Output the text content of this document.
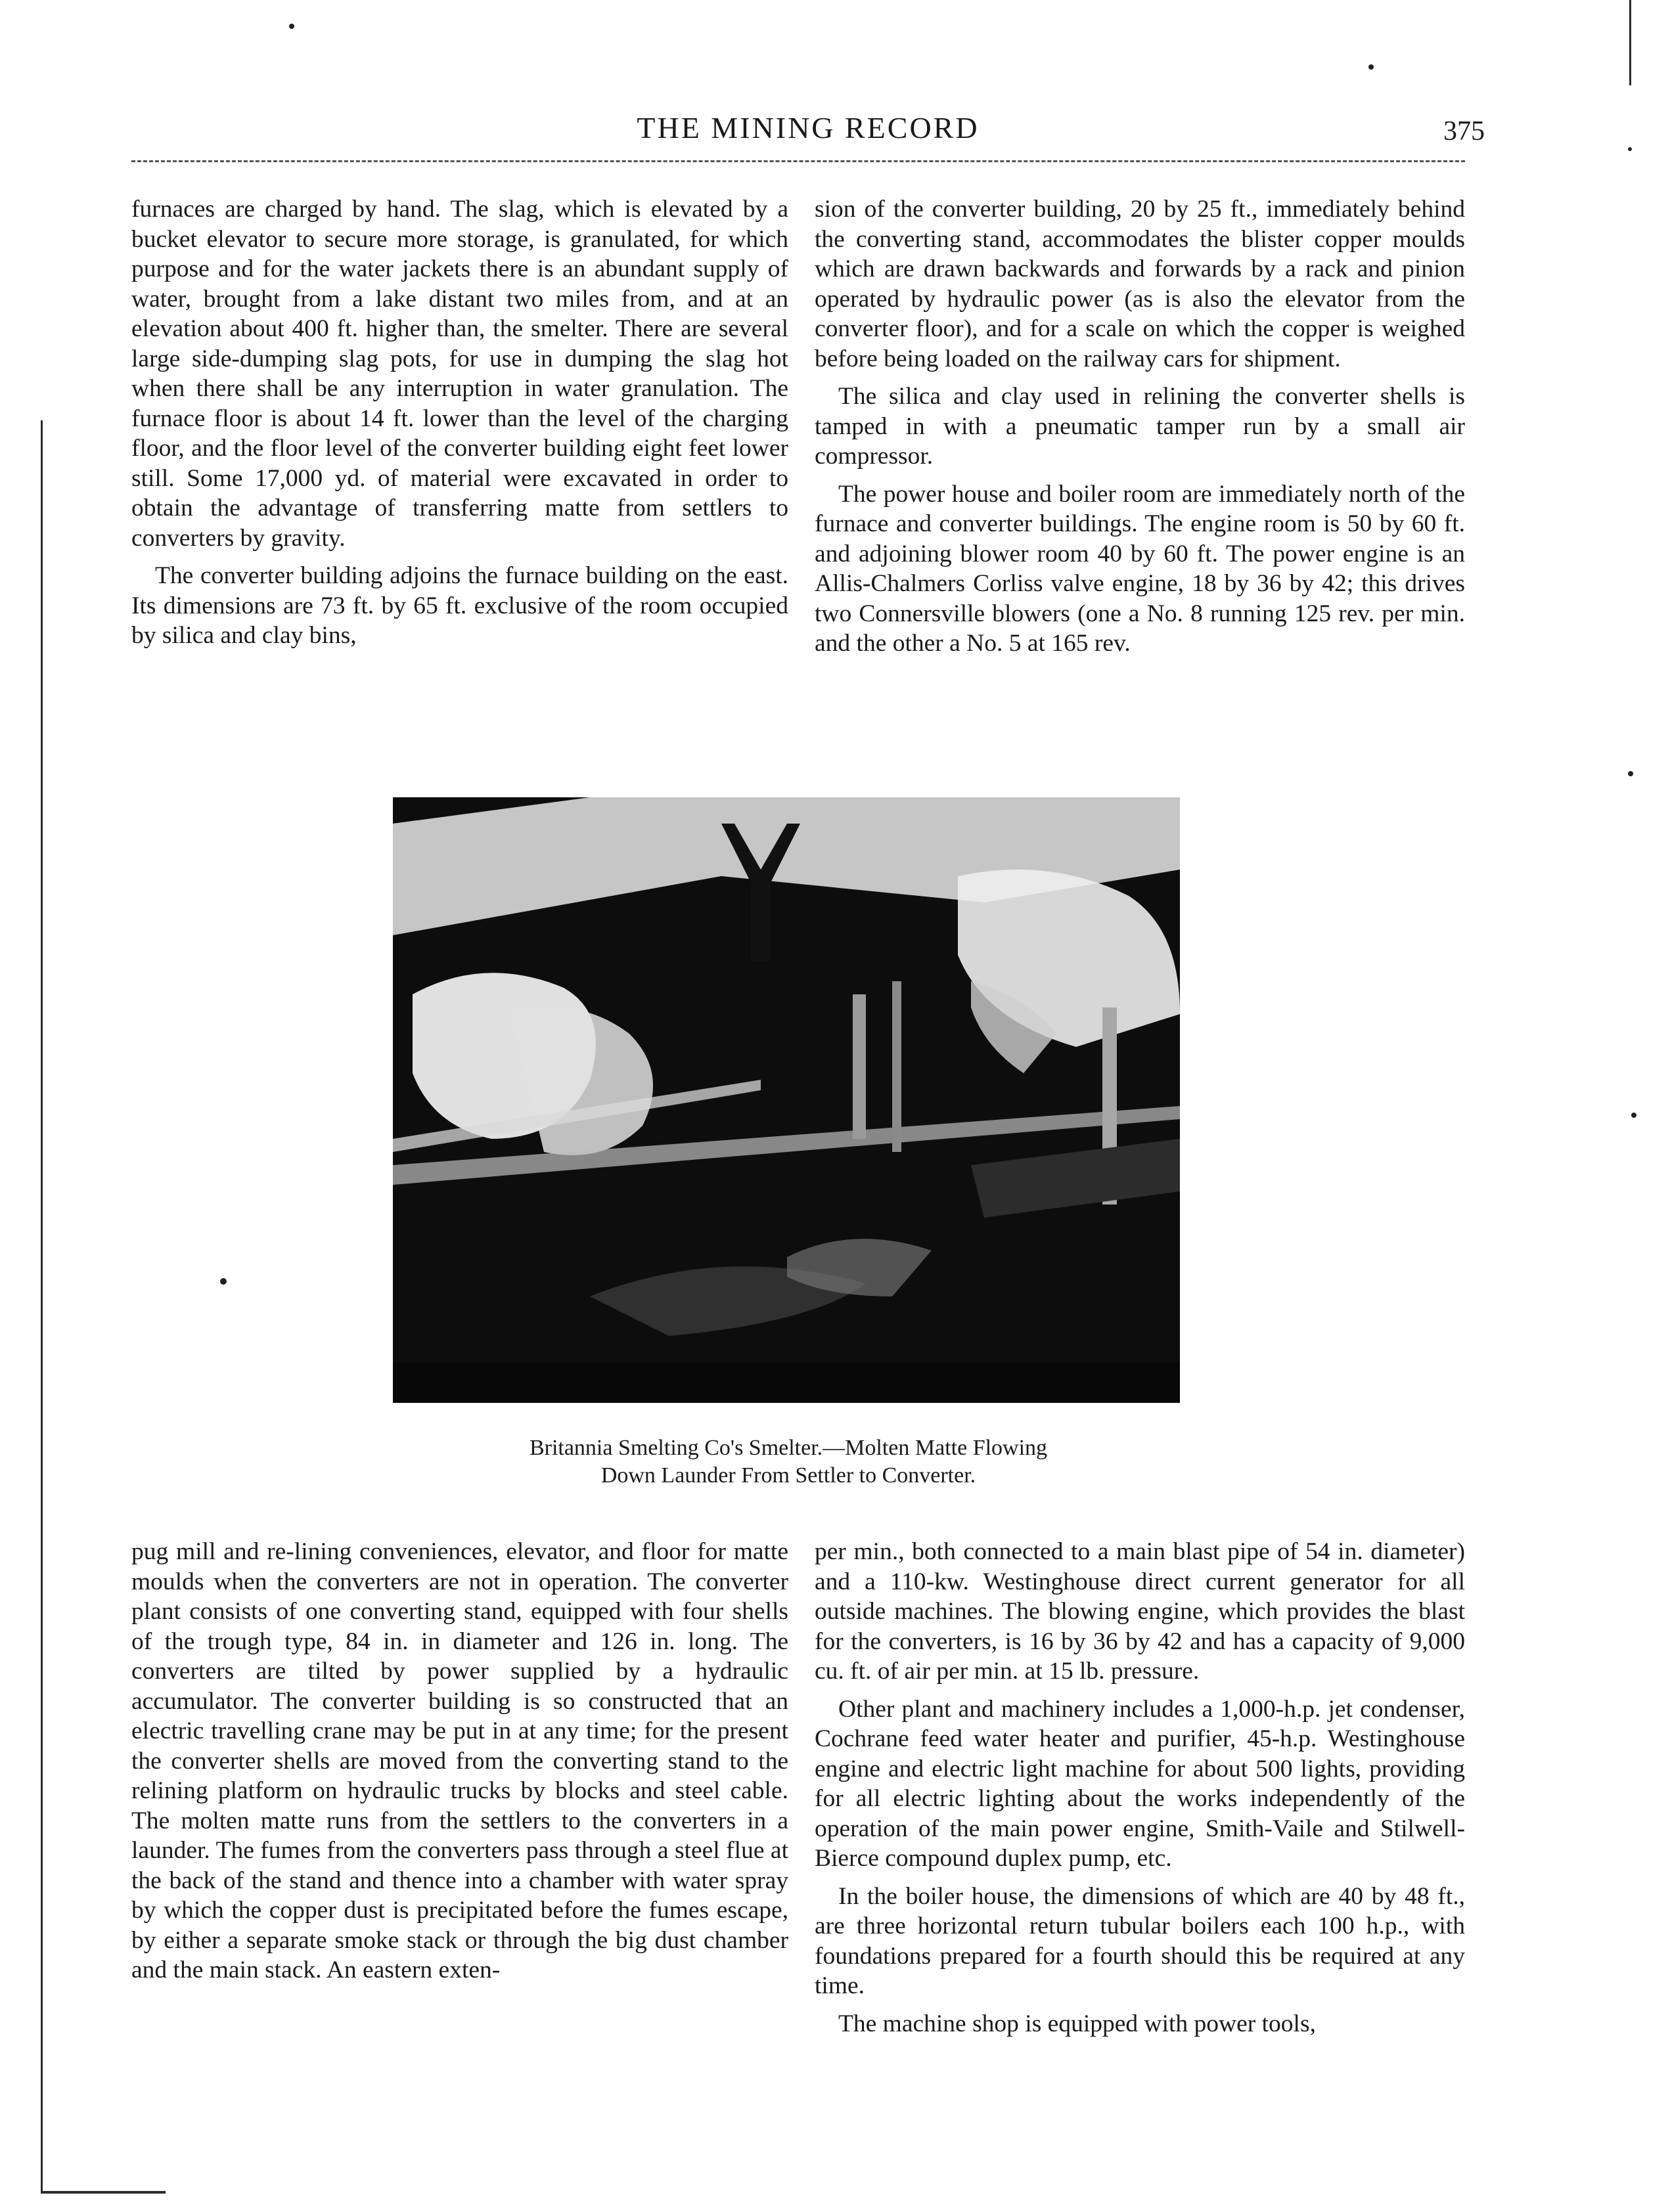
THE MINING RECORD	375

furnaces are charged by hand. The slag, which is elevated by a bucket elevator to secure more storage, is granulated, for which purpose and for the water jackets there is an abundant supply of water, brought from a lake distant two miles from, and at an elevation about 400 ft. higher than, the smelter. There are several large side-dumping slag pots, for use in dumping the slag hot when there shall be any interruption in water granulation. The furnace floor is about 14 ft. lower than the level of the charging floor, and the floor level of the converter building eight feet lower still. Some 17,000 yd. of material were excavated in order to obtain the advantage of transferring matte from settlers to converters by gravity.

The converter building adjoins the furnace building on the east. Its dimensions are 73 ft. by 65 ft. exclusive of the room occupied by silica and clay bins,

sion of the converter building, 20 by 25 ft., immediately behind the converting stand, accommodates the blister copper moulds which are drawn backwards and forwards by a rack and pinion operated by hydraulic power (as is also the elevator from the converter floor), and for a scale on which the copper is weighed before being loaded on the railway cars for shipment.

The silica and clay used in relining the converter shells is tamped in with a pneumatic tamper run by a small air compressor.

The power house and boiler room are immediately north of the furnace and converter buildings. The engine room is 50 by 60 ft. and adjoining blower room 40 by 60 ft. The power engine is an Allis-Chalmers Corliss valve engine, 18 by 36 by 42; this drives two Connersville blowers (one a No. 8 running 125 rev. per min. and the other a No. 5 at 165 rev.

Britannia Smelting Co's Smelter.—Molten Matte Flowing
Down Launder From Settler to Converter.

pug mill and re-lining conveniences, elevator, and floor for matte moulds when the converters are not in operation. The converter plant consists of one converting stand, equipped with four shells of the trough type, 84 in. in diameter and 126 in. long. The converters are tilted by power supplied by a hydraulic accumulator. The converter building is so constructed that an electric travelling crane may be put in at any time; for the present the converter shells are moved from the converting stand to the relining platform on hydraulic trucks by blocks and steel cable. The molten matte runs from the settlers to the converters in a launder. The fumes from the converters pass through a steel flue at the back of the stand and thence into a chamber with water spray by which the copper dust is precipitated before the fumes escape, by either a separate smoke stack or through the big dust chamber and the main stack. An eastern exten-

per min., both connected to a main blast pipe of 54 in. diameter) and a 110-kw. Westinghouse direct current generator for all outside machines. The blowing engine, which provides the blast for the converters, is 16 by 36 by 42 and has a capacity of 9,000 cu. ft. of air per min. at 15 lb. pressure.

Other plant and machinery includes a 1,000-h.p. jet condenser, Cochrane feed water heater and purifier, 45-h.p. Westinghouse engine and electric light machine for about 500 lights, providing for all electric lighting about the works independently of the operation of the main power engine, Smith-Vaile and Stilwell-Bierce compound duplex pump, etc.

In the boiler house, the dimensions of which are 40 by 48 ft., are three horizontal return tubular boilers each 100 h.p., with foundations prepared for a fourth should this be required at any time.

The machine shop is equipped with power tools,
